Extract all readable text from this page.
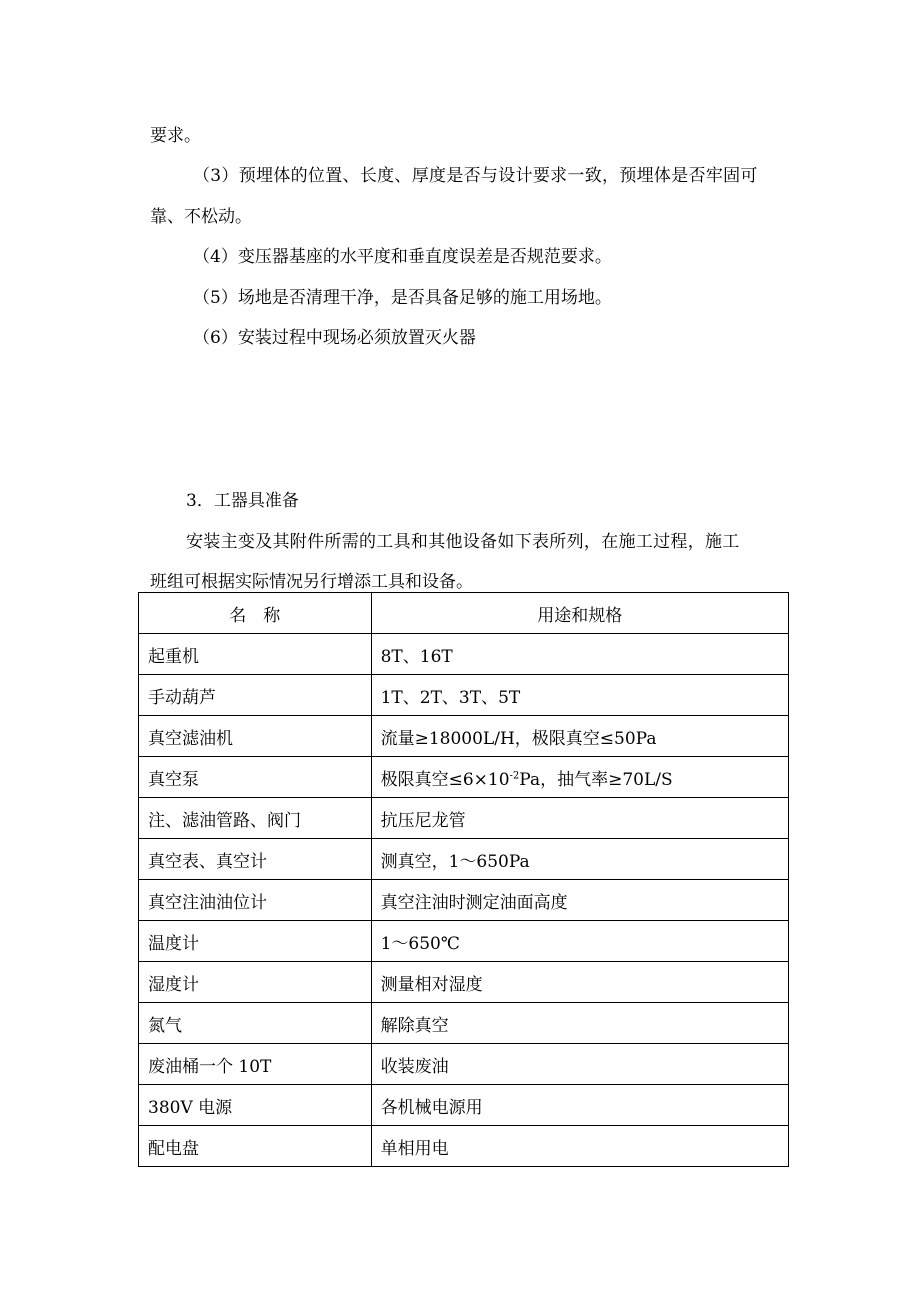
要求。
（3）预埋体的位置、长度、厚度是否与设计要求一致，预埋体是否牢固可
靠、不松动。
（4）变压器基座的水平度和垂直度误差是否规范要求。
（5）场地是否清理干净，是否具备足够的施工用场地。
（6）安装过程中现场必须放置灭火器
3．工器具准备
安装主变及其附件所需的工具和其他设备如下表所列，在施工过程，施工
班组可根据实际情况另行增添工具和设备。
名　称	用途和规格
起重机	8T、16T
手动葫芦	1T、2T、3T、5T
真空滤油机	流量≥18000L/H，极限真空≤50Pa
真空泵	极限真空$\le 6\times 10^{-2}Pa$，抽气率≥70L/S
注、滤油管路、阀门	抗压尼龙管
真空表、真空计	测真空，1～650Pa
真空注油油位计	真空注油时测定油面高度
温度计	1～650℃
湿度计	测量相对湿度
氮气	解除真空
废油桶一个 10T	收装废油
380V 电源	各机械电源用
配电盘	单相用电
